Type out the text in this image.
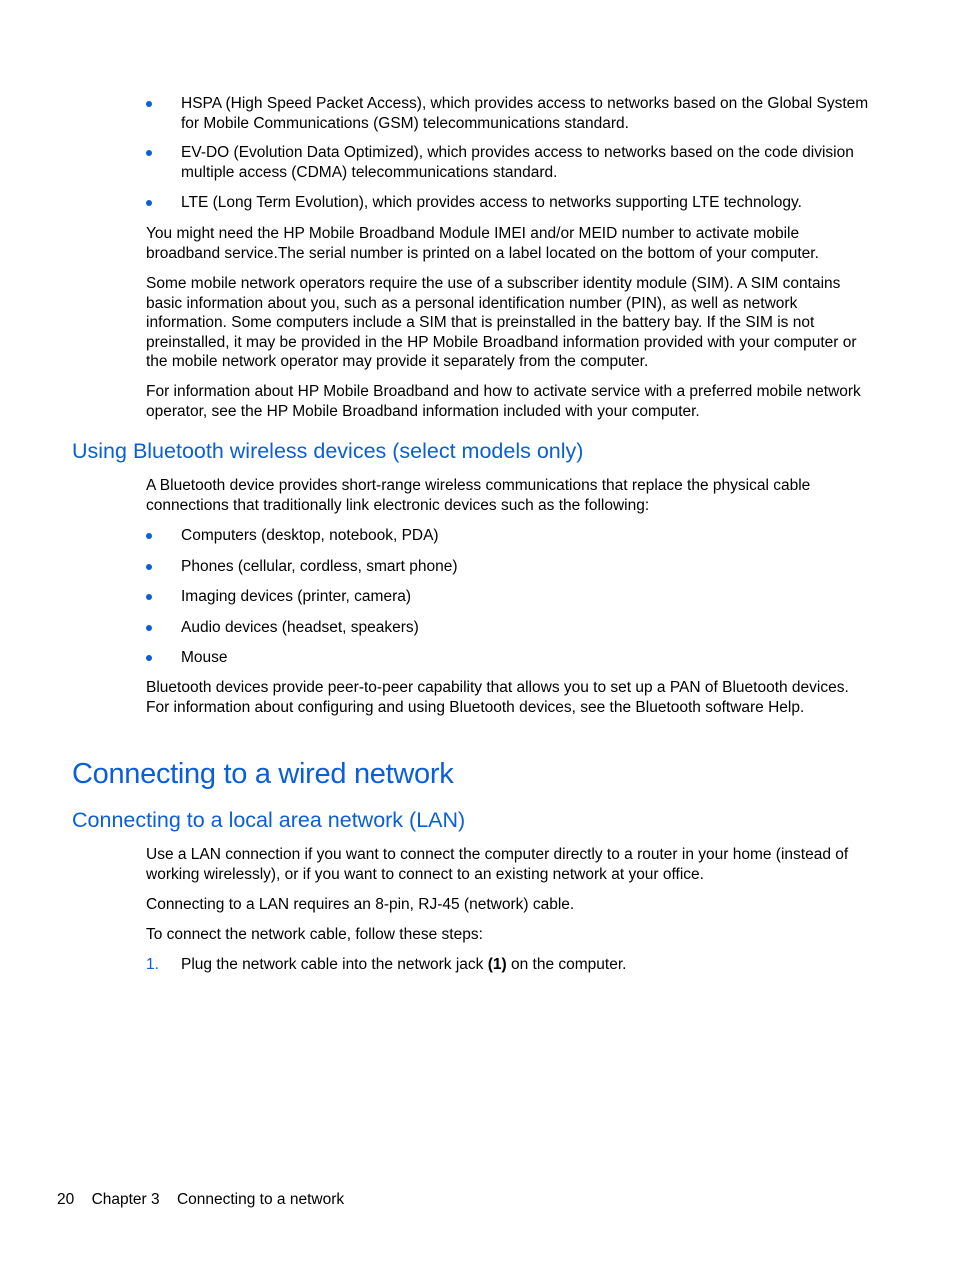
HSPA (High Speed Packet Access), which provides access to networks based on the Global System for Mobile Communications (GSM) telecommunications standard.
EV-DO (Evolution Data Optimized), which provides access to networks based on the code division multiple access (CDMA) telecommunications standard.
LTE (Long Term Evolution), which provides access to networks supporting LTE technology.

You might need the HP Mobile Broadband Module IMEI and/or MEID number to activate mobile broadband service.The serial number is printed on a label located on the bottom of your computer.

Some mobile network operators require the use of a subscriber identity module (SIM). A SIM contains basic information about you, such as a personal identification number (PIN), as well as network information. Some computers include a SIM that is preinstalled in the battery bay. If the SIM is not preinstalled, it may be provided in the HP Mobile Broadband information provided with your computer or the mobile network operator may provide it separately from the computer.

For information about HP Mobile Broadband and how to activate service with a preferred mobile network operator, see the HP Mobile Broadband information included with your computer.

Using Bluetooth wireless devices (select models only)

A Bluetooth device provides short-range wireless communications that replace the physical cable connections that traditionally link electronic devices such as the following:

Computers (desktop, notebook, PDA)
Phones (cellular, cordless, smart phone)
Imaging devices (printer, camera)
Audio devices (headset, speakers)
Mouse

Bluetooth devices provide peer-to-peer capability that allows you to set up a PAN of Bluetooth devices. For information about configuring and using Bluetooth devices, see the Bluetooth software Help.

Connecting to a wired network
Connecting to a local area network (LAN)

Use a LAN connection if you want to connect the computer directly to a router in your home (instead of working wirelessly), or if you want to connect to an existing network at your office.

Connecting to a LAN requires an 8-pin, RJ-45 (network) cable.

To connect the network cable, follow these steps:

1. Plug the network cable into the network jack (1) on the computer.
20 Chapter 3 Connecting to a network
